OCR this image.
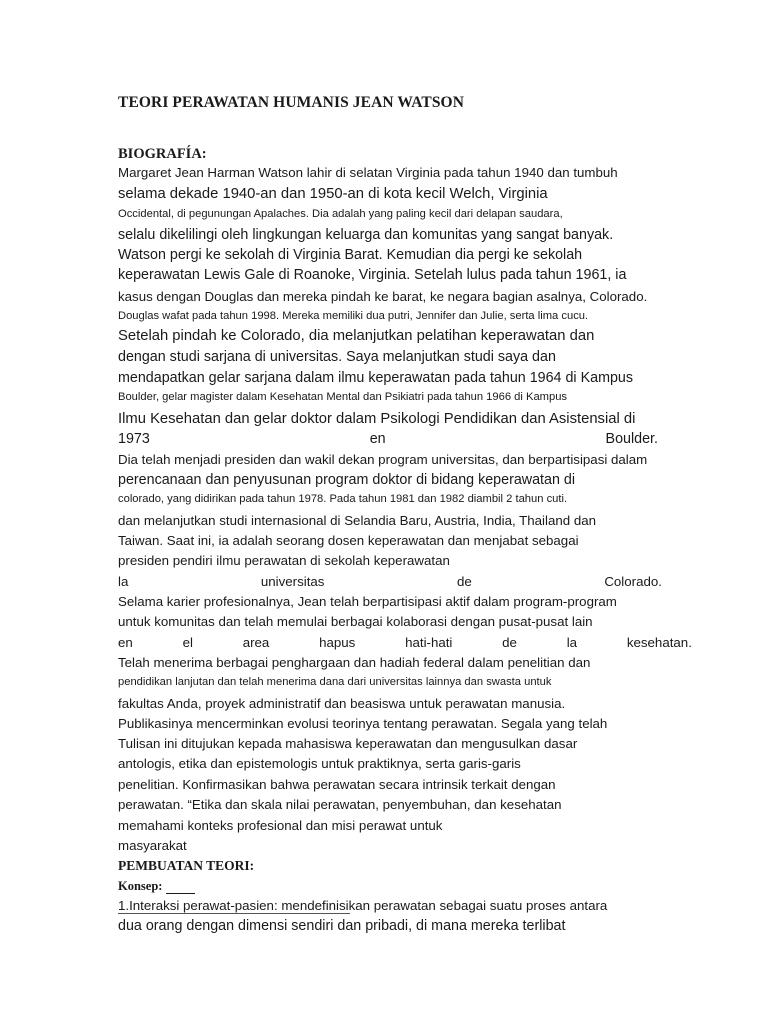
TEORI PERAWATAN HUMANIS JEAN WATSON
BIOGRAFÍA:
Margaret Jean Harman Watson lahir di selatan Virginia pada tahun 1940 dan tumbuh
selama dekade 1940-an dan 1950-an di kota kecil Welch, Virginia
Occidental, di pegunungan Apalaches. Dia adalah yang paling kecil dari delapan saudara,
selalu dikelilingi oleh lingkungan keluarga dan komunitas yang sangat banyak.
Watson pergi ke sekolah di Virginia Barat. Kemudian dia pergi ke sekolah
keperawatan Lewis Gale di Roanoke, Virginia. Setelah lulus pada tahun 1961, ia
kasus dengan Douglas dan mereka pindah ke barat, ke negara bagian asalnya, Colorado.
Douglas wafat pada tahun 1998. Mereka memiliki dua putri, Jennifer dan Julie, serta lima cucu.
Setelah pindah ke Colorado, dia melanjutkan pelatihan keperawatan dan
dengan studi sarjana di universitas. Saya melanjutkan studi saya dan
mendapatkan gelar sarjana dalam ilmu keperawatan pada tahun 1964 di Kampus
Boulder, gelar magister dalam Kesehatan Mental dan Psikiatri pada tahun 1966 di Kampus
Ilmu Kesehatan dan gelar doktor dalam Psikologi Pendidikan dan Asistensial di
1973	en	Boulder.
Dia telah menjadi presiden dan wakil dekan program universitas, dan berpartisipasi dalam
perencanaan dan penyusunan program doktor di bidang keperawatan di
colorado, yang didirikan pada tahun 1978. Pada tahun 1981 dan 1982 diambil 2 tahun cuti.
dan melanjutkan studi internasional di Selandia Baru, Austria, India, Thailand dan
Taiwan. Saat ini, ia adalah seorang dosen keperawatan dan menjabat sebagai
presiden pendiri ilmu perawatan di sekolah keperawatan
la	universitas	de	Colorado.
Selama karier profesionalnya, Jean telah berpartisipasi aktif dalam program-program
untuk komunitas dan telah memulai berbagai kolaborasi dengan pusat-pusat lain
en	el	area	hapus	hati-hati	de	la	kesehatan.
Telah menerima berbagai penghargaan dan hadiah federal dalam penelitian dan
pendidikan lanjutan dan telah menerima dana dari universitas lainnya dan swasta untuk
fakultas Anda, proyek administratif dan beasiswa untuk perawatan manusia.
Publikasinya mencerminkan evolusi teorinya tentang perawatan. Segala yang telah
Tulisan ini ditujukan kepada mahasiswa keperawatan dan mengusulkan dasar
antologis, etika dan epistemologis untuk praktiknya, serta garis-garis
penelitian. Konfirmasikan bahwa perawatan secara intrinsik terkait dengan
perawatan. “Etika dan skala nilai perawatan, penyembuhan, dan kesehatan
memahami konteks profesional dan misi perawat untuk
masyarakat
PEMBUATAN TEORI:
Konsep:
1.Interaksi perawat-pasien: mendefinisikan perawatan sebagai suatu proses antara
dua orang dengan dimensi sendiri dan pribadi, di mana mereka terlibat
